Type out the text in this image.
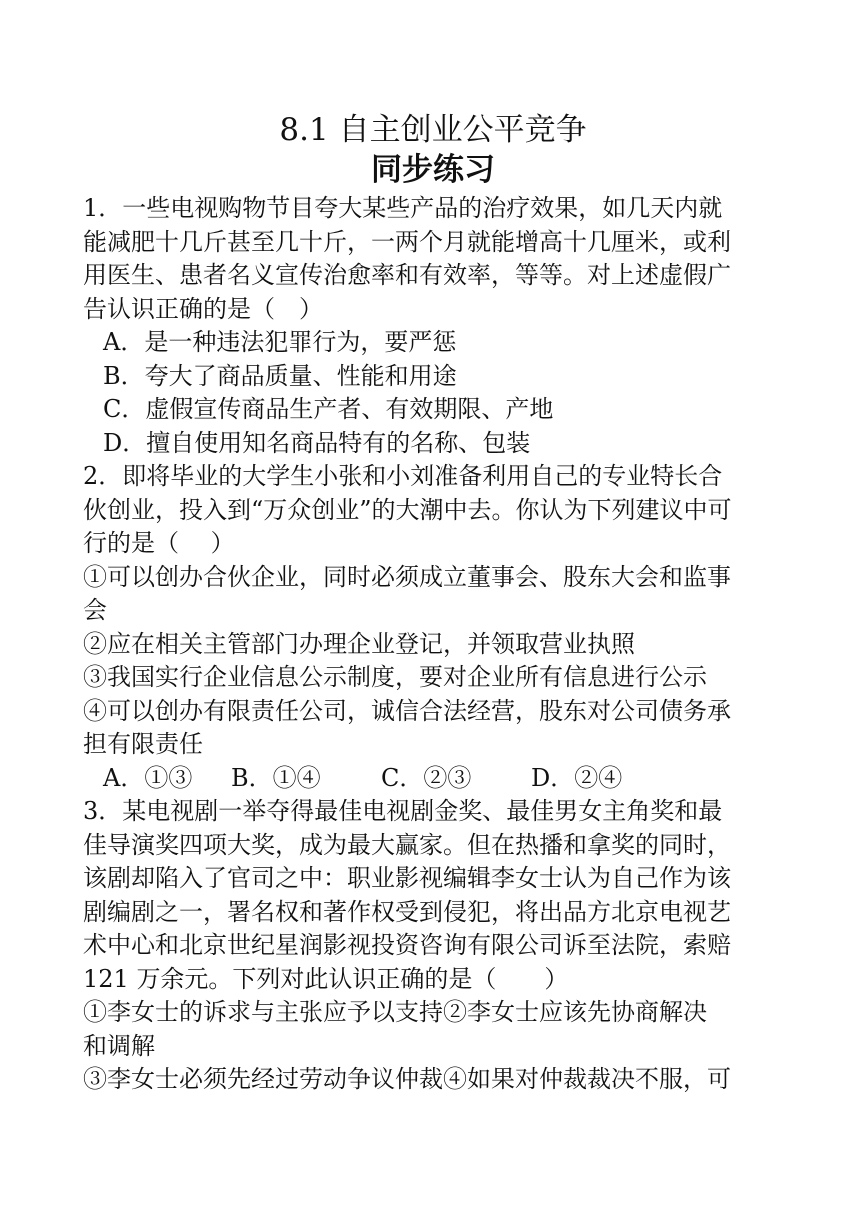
8.1 自主创业公平竞争
同步练习

1．一些电视购物节目夸大某些产品的治疗效果，如几天内就

能减肥十几斤甚至几十斤，一两个月就能增高十几厘米，或利

用医生、患者名义宣传治愈率和有效率，等等。对上述虚假广

告认识正确的是（　）

A．是一种违法犯罪行为，要严惩

B．夸大了商品质量、性能和用途

C．虚假宣传商品生产者、有效期限、产地

D．擅自使用知名商品特有的名称、包装

2．即将毕业的大学生小张和小刘准备利用自己的专业特长合

伙创业，投入到“万众创业”的大潮中去。你认为下列建议中可

行的是（　 ）

①可以创办合伙企业，同时必须成立董事会、股东大会和监事

会

②应在相关主管部门办理企业登记，并领取营业执照

③我国实行企业信息公示制度，要对企业所有信息进行公示

④可以创办有限责任公司，诚信合法经营，股东对公司债务承

担有限责任

A．①③	B．①④	C．②③	D．②④

3．某电视剧一举夺得最佳电视剧金奖、最佳男女主角奖和最

佳导演奖四项大奖，成为最大赢家。但在热播和拿奖的同时，

该剧却陷入了官司之中：职业影视编辑李女士认为自己作为该

剧编剧之一，署名权和著作权受到侵犯，将出品方北京电视艺

术中心和北京世纪星润影视投资咨询有限公司诉至法院，索赔

121 万余元。下列对此认识正确的是（　　）

①李女士的诉求与主张应予以支持②李女士应该先协商解决

和调解

③李女士必须先经过劳动争议仲裁④如果对仲裁裁决不服，可
